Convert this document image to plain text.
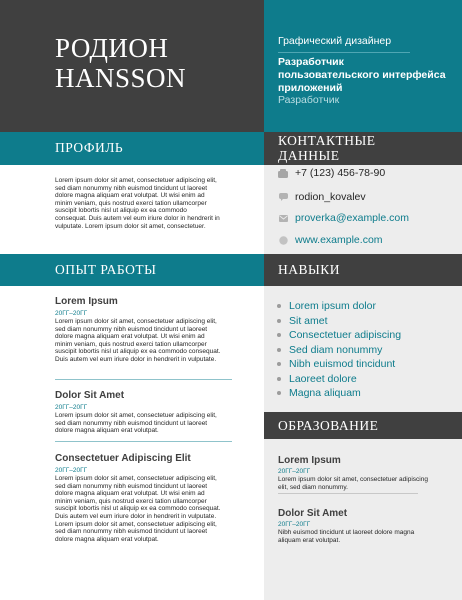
РОДИОН
HANSSON
Графический дизайнер
Разработчик пользовательского интерфейса приложений
Разработчик
ПРОФИЛЬ	КОНТАКТНЫЕ ДАННЫЕ
ОПЫТ РАБОТЫ	НАВЫКИ
ОБРАЗОВАНИЕ
Lorem ipsum dolor sit amet, consectetuer adipiscing elit, sed diam nonummy nibh euismod tincidunt ut laoreet dolore magna aliquam erat volutpat. Ut wisi enim ad minim veniam, quis nostrud exerci tation ullamcorper suscipit lobortis nisl ut aliquip ex ea commodo consequat. Duis autem vel eum iriure dolor in hendrerit in vulputate. Lorem ipsum dolor sit amet, consectetuer.
+7 (123) 456-78-90
rodion_kovalev
proverka@example.com
www.example.com
Lorem ipsum dolor
Sit amet
Consectetuer adipiscing
Sed diam nonummy
Nibh euismod tincidunt
Laoreet dolore
Magna aliquam
Lorem Ipsum
20ГГ–20ГГ
Lorem ipsum dolor sit amet, consectetuer adipiscing elit, sed diam nonummy nibh euismod tincidunt ut laoreet dolore magna aliquam erat volutpat. Ut wisi enim ad minim veniam, quis nostrud exerci tation ullamcorper suscipit lobortis nisl ut aliquip ex ea commodo consequat. Duis autem vel eum iriure dolor in hendrerit in vulputate.
Dolor Sit Amet
20ГГ–20ГГ
Lorem ipsum dolor sit amet, consectetuer adipiscing elit, sed diam nonummy nibh euismod tincidunt ut laoreet dolore magna aliquam erat volutpat.
Consectetuer Adipiscing Elit
20ГГ–20ГГ
Lorem ipsum dolor sit amet, consectetuer adipiscing elit, sed diam nonummy nibh euismod tincidunt ut laoreet dolore magna aliquam erat volutpat. Ut wisi enim ad minim veniam, quis nostrud exerci tation ullamcorper suscipit lobortis nisl ut aliquip ex ea commodo consequat. Duis autem vel eum iriure dolor in hendrerit in vulputate. Lorem ipsum dolor sit amet, consectetuer adipiscing elit, sed diam nonummy nibh euismod tincidunt ut laoreet dolore magna aliquam erat volutpat.
Lorem Ipsum
20ГГ–20ГГ
Lorem ipsum dolor sit amet, consectetuer adipiscing elit, sed diam nonummy.
Dolor Sit Amet
20ГГ–20ГГ
Nibh euismod tincidunt ut laoreet dolore magna aliquam erat volutpat.
